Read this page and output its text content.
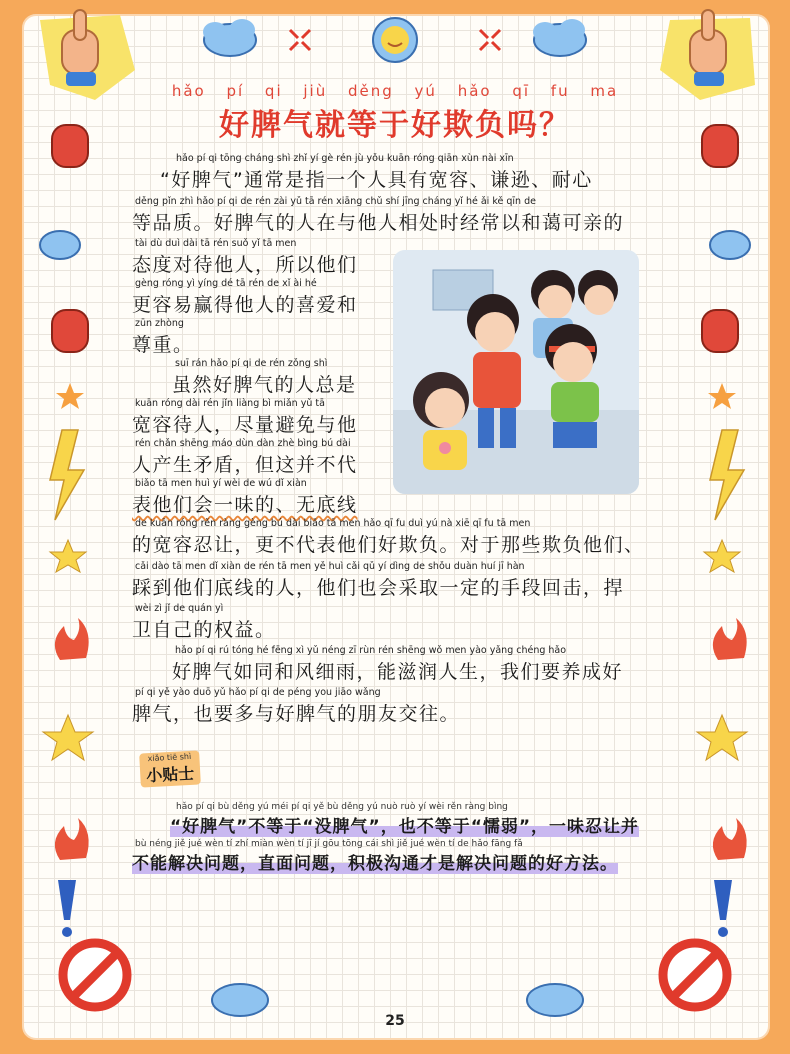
hǎo pí qi jiù děng yú hǎo qī fu ma
好脾气就等于好欺负吗？
hǎo pí qi tōng cháng shì zhǐ yí gè rén jù yǒu kuān róng qiān xùn nài xīn
“好脾气”通常是指一个人具有宽容、谦逊、耐心
děng pǐn zhì hǎo pí qi de rén zài yǔ tā rén xiāng chǔ shí jīng cháng yǐ hé ǎi kě qīn de
等品质。好脾气的人在与他人相处时经常以和蔼可亲的
tài dù duì dài tā rén suǒ yǐ tā men
态度对待他人，所以他们
gèng róng yì yíng dé tā rén de xǐ ài hé
更容易赢得他人的喜爱和
zūn zhòng
尊重。
suī rán hǎo pí qi de rén zǒng shì
虽然好脾气的人总是
kuān róng dài rén jǐn liàng bì miǎn yǔ tā
宽容待人，尽量避免与他
rén chǎn shēng máo dùn dàn zhè bìng bú dài
人产生矛盾，但这并不代
biǎo tā men huì yí wèi de wú dǐ xiàn
表他们会一味的、无底线
de kuān róng rěn ràng gèng bú dài biǎo tā men hǎo qī fu duì yú nà xiē qī fu tā men
的宽容忍让，更不代表他们好欺负。对于那些欺负他们、
cǎi dào tā men dǐ xiàn de rén tā men yě huì cǎi qǔ yí dìng de shǒu duàn huí jī hàn
踩到他们底线的人，他们也会采取一定的手段回击，捍
wèi zì jǐ de quán yì
卫自己的权益。
hǎo pí qi rú tóng hé fēng xì yǔ néng zī rùn rén shēng wǒ men yào yǎng chéng hǎo
好脾气如同和风细雨，能滋润人生，我们要养成好
pí qi yě yào duō yǔ hǎo pí qi de péng you jiāo wǎng
脾气，也要多与好脾气的朋友交往。
xiǎo tiē shì
小贴士
hǎo pí qi bù děng yú méi pí qi yě bù děng yú nuò ruò yí wèi rěn ràng bìng
“好脾气”不等于“没脾气”，也不等于“懦弱”，一味忍让并
bù néng jiě jué wèn tí zhí miàn wèn tí jī jí gōu tōng cái shì jiě jué wèn tí de hǎo fāng fǎ
不能解决问题，直面问题，积极沟通才是解决问题的好方法。
25
